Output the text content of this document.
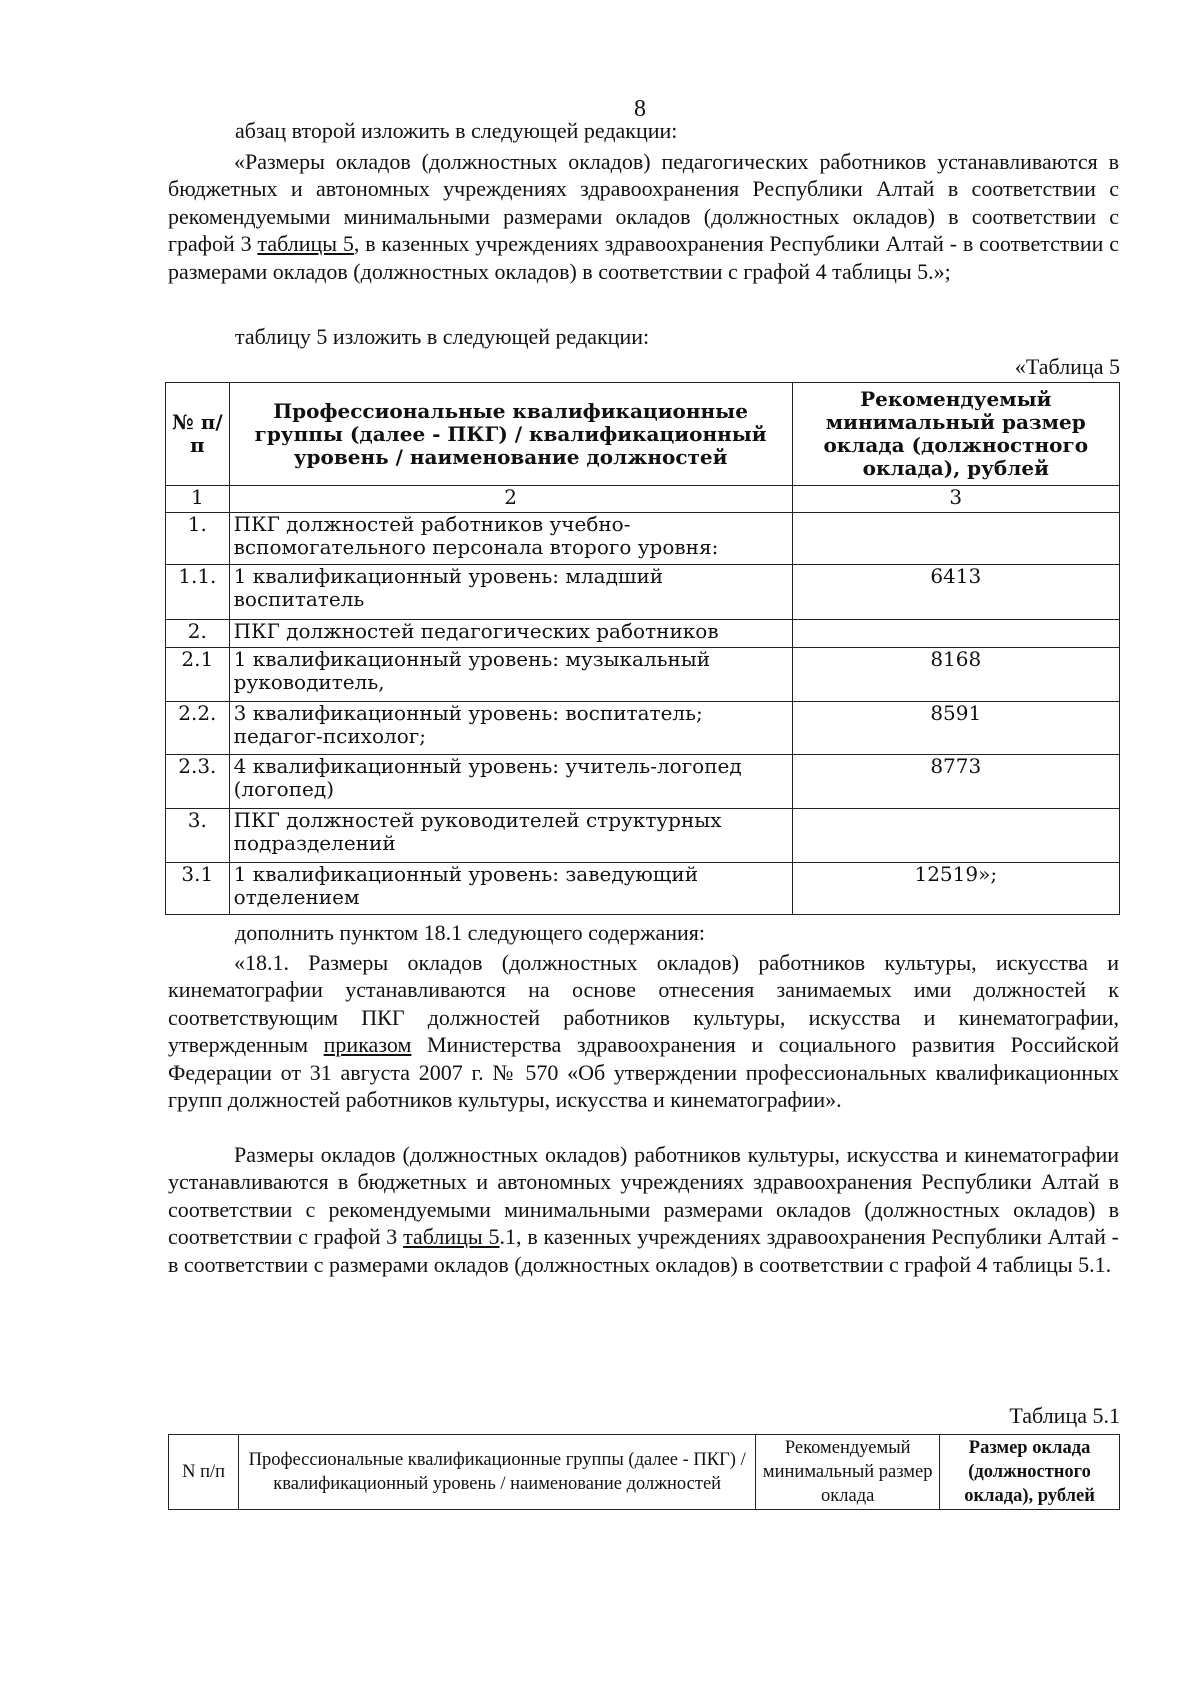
8
абзац второй изложить в следующей редакции:

«Размеры окладов (должностных окладов) педагогических работников устанавливаются в бюджетных и автономных учреждениях здравоохранения Республики Алтай в соответствии с рекомендуемыми минимальными размерами окладов (должностных окладов) в соответствии с графой 3 таблицы 5, в казенных учреждениях здравоохранения Республики Алтай - в соответствии с размерами окладов (должностных окладов) в соответствии с графой 4 таблицы 5.»;

таблицу 5 изложить в следующей редакции:
«Таблица 5
№ п/п	Профессиональные квалификационные группы (далее - ПКГ) / квалификационный уровень / наименование должностей	Рекомендуемый минимальный размер оклада (должностного оклада), рублей
1	2	3
1.	ПКГ должностей работников учебно-вспомогательного персонала второго уровня:	
1.1.	1 квалификационный уровень: младший воспитатель	6413
2.	ПКГ должностей педагогических работников	
2.1	1 квалификационный уровень: музыкальный руководитель,	8168
2.2.	3 квалификационный уровень: воспитатель; педагог-психолог;	8591
2.3.	4 квалификационный уровень: учитель-логопед (логопед)	8773
3.	ПКГ должностей руководителей структурных подразделений	
3.1	1 квалификационный уровень: заведующий отделением	12519»;
дополнить пунктом 18.1 следующего содержания:

«18.1. Размеры окладов (должностных окладов) работников культуры, искусства и кинематографии устанавливаются на основе отнесения занимаемых ими должностей к соответствующим ПКГ должностей работников культуры, искусства и кинематографии, утвержденным приказом Министерства здравоохранения и социального развития Российской Федерации от 31 августа 2007 г. № 570 «Об утверждении профессиональных квалификационных групп должностей работников культуры, искусства и кинематографии».

Размеры окладов (должностных окладов) работников культуры, искусства и кинематографии устанавливаются в бюджетных и автономных учреждениях здравоохранения Республики Алтай в соответствии с рекомендуемыми минимальными размерами окладов (должностных окладов) в соответствии с графой 3 таблицы 5.1, в казенных учреждениях здравоохранения Республики Алтай - в соответствии с размерами окладов (должностных окладов) в соответствии с графой 4 таблицы 5.1.

Таблица 5.1
N п/п	Профессиональные квалификационные группы (далее - ПКГ) / квалификационный уровень / наименование должностей	Рекомендуемый минимальный размер оклада	Размер оклада (должностного оклада), рублей
